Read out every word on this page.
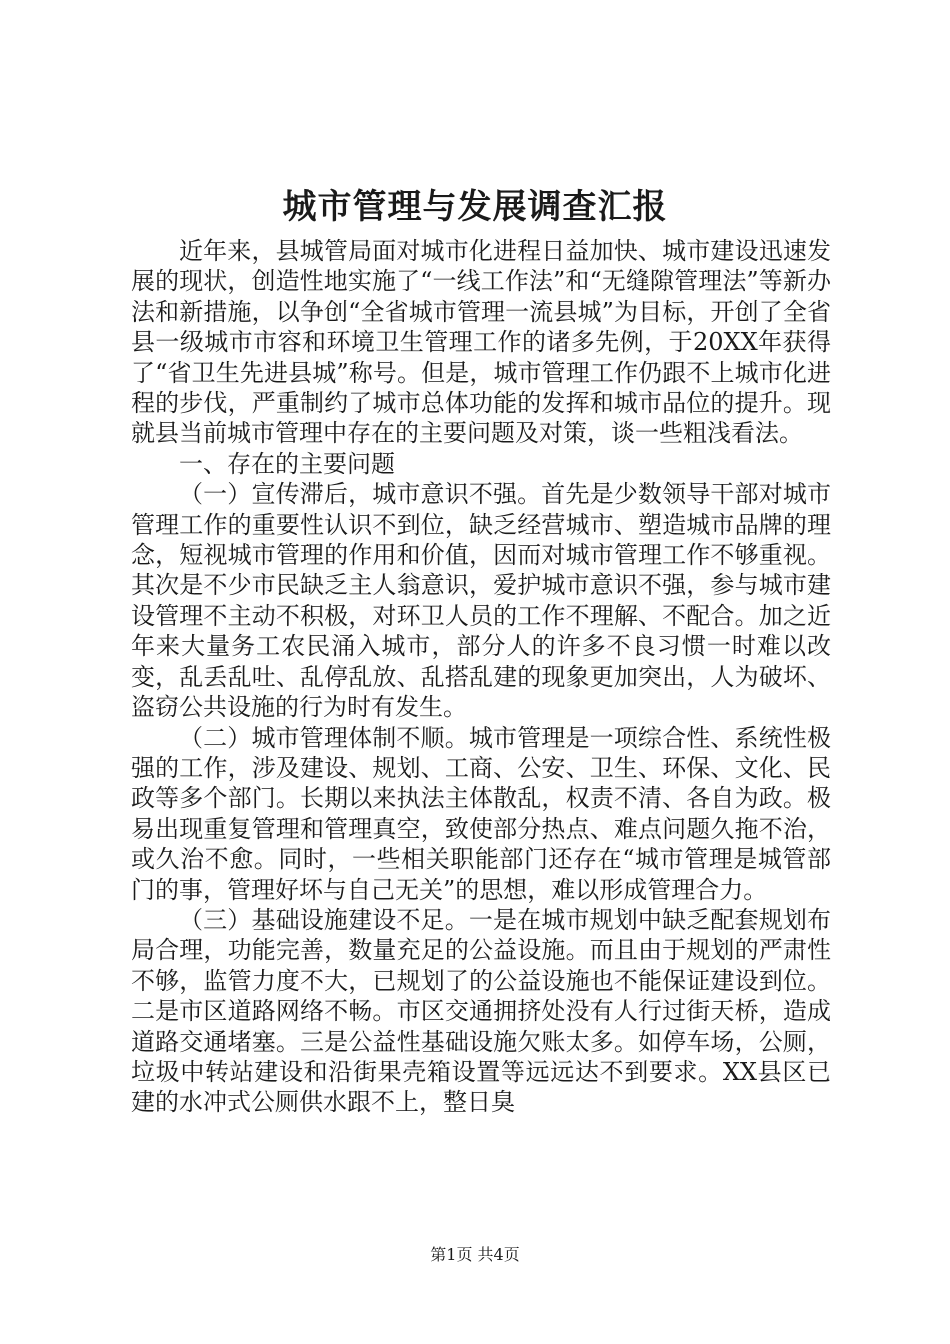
城市管理与发展调查汇报

近年来，县城管局面对城市化进程日益加快、城市建设迅速发展的现状，创造性地实施了“一线工作法”和“无缝隙管理法”等新办法和新措施，以争创“全省城市管理一流县城”为目标，开创了全省县一级城市市容和环境卫生管理工作的诸多先例，于20XX年获得了“省卫生先进县城”称号。但是，城市管理工作仍跟不上城市化进程的步伐，严重制约了城市总体功能的发挥和城市品位的提升。现就县当前城市管理中存在的主要问题及对策，谈一些粗浅看法。

一、存在的主要问题

（一）宣传滞后，城市意识不强。首先是少数领导干部对城市管理工作的重要性认识不到位，缺乏经营城市、塑造城市品牌的理念，短视城市管理的作用和价值，因而对城市管理工作不够重视。其次是不少市民缺乏主人翁意识，爱护城市意识不强，参与城市建设管理不主动不积极，对环卫人员的工作不理解、不配合。加之近年来大量务工农民涌入城市，部分人的许多不良习惯一时难以改变，乱丢乱吐、乱停乱放、乱搭乱建的现象更加突出，人为破坏、盗窃公共设施的行为时有发生。

（二）城市管理体制不顺。城市管理是一项综合性、系统性极强的工作，涉及建设、规划、工商、公安、卫生、环保、文化、民政等多个部门。长期以来执法主体散乱，权责不清、各自为政。极易出现重复管理和管理真空，致使部分热点、难点问题久拖不治，或久治不愈。同时，一些相关职能部门还存在“城市管理是城管部门的事，管理好坏与自己无关”的思想，难以形成管理合力。

（三）基础设施建设不足。一是在城市规划中缺乏配套规划布局合理，功能完善，数量充足的公益设施。而且由于规划的严肃性不够，监管力度不大，已规划了的公益设施也不能保证建设到位。二是市区道路网络不畅。市区交通拥挤处没有人行过街天桥，造成道路交通堵塞。三是公益性基础设施欠账太多。如停车场，公厕，垃圾中转站建设和沿街果壳箱设置等远远达不到要求。XX县区已建的水冲式公厕供水跟不上，整日臭

第1页 共4页
